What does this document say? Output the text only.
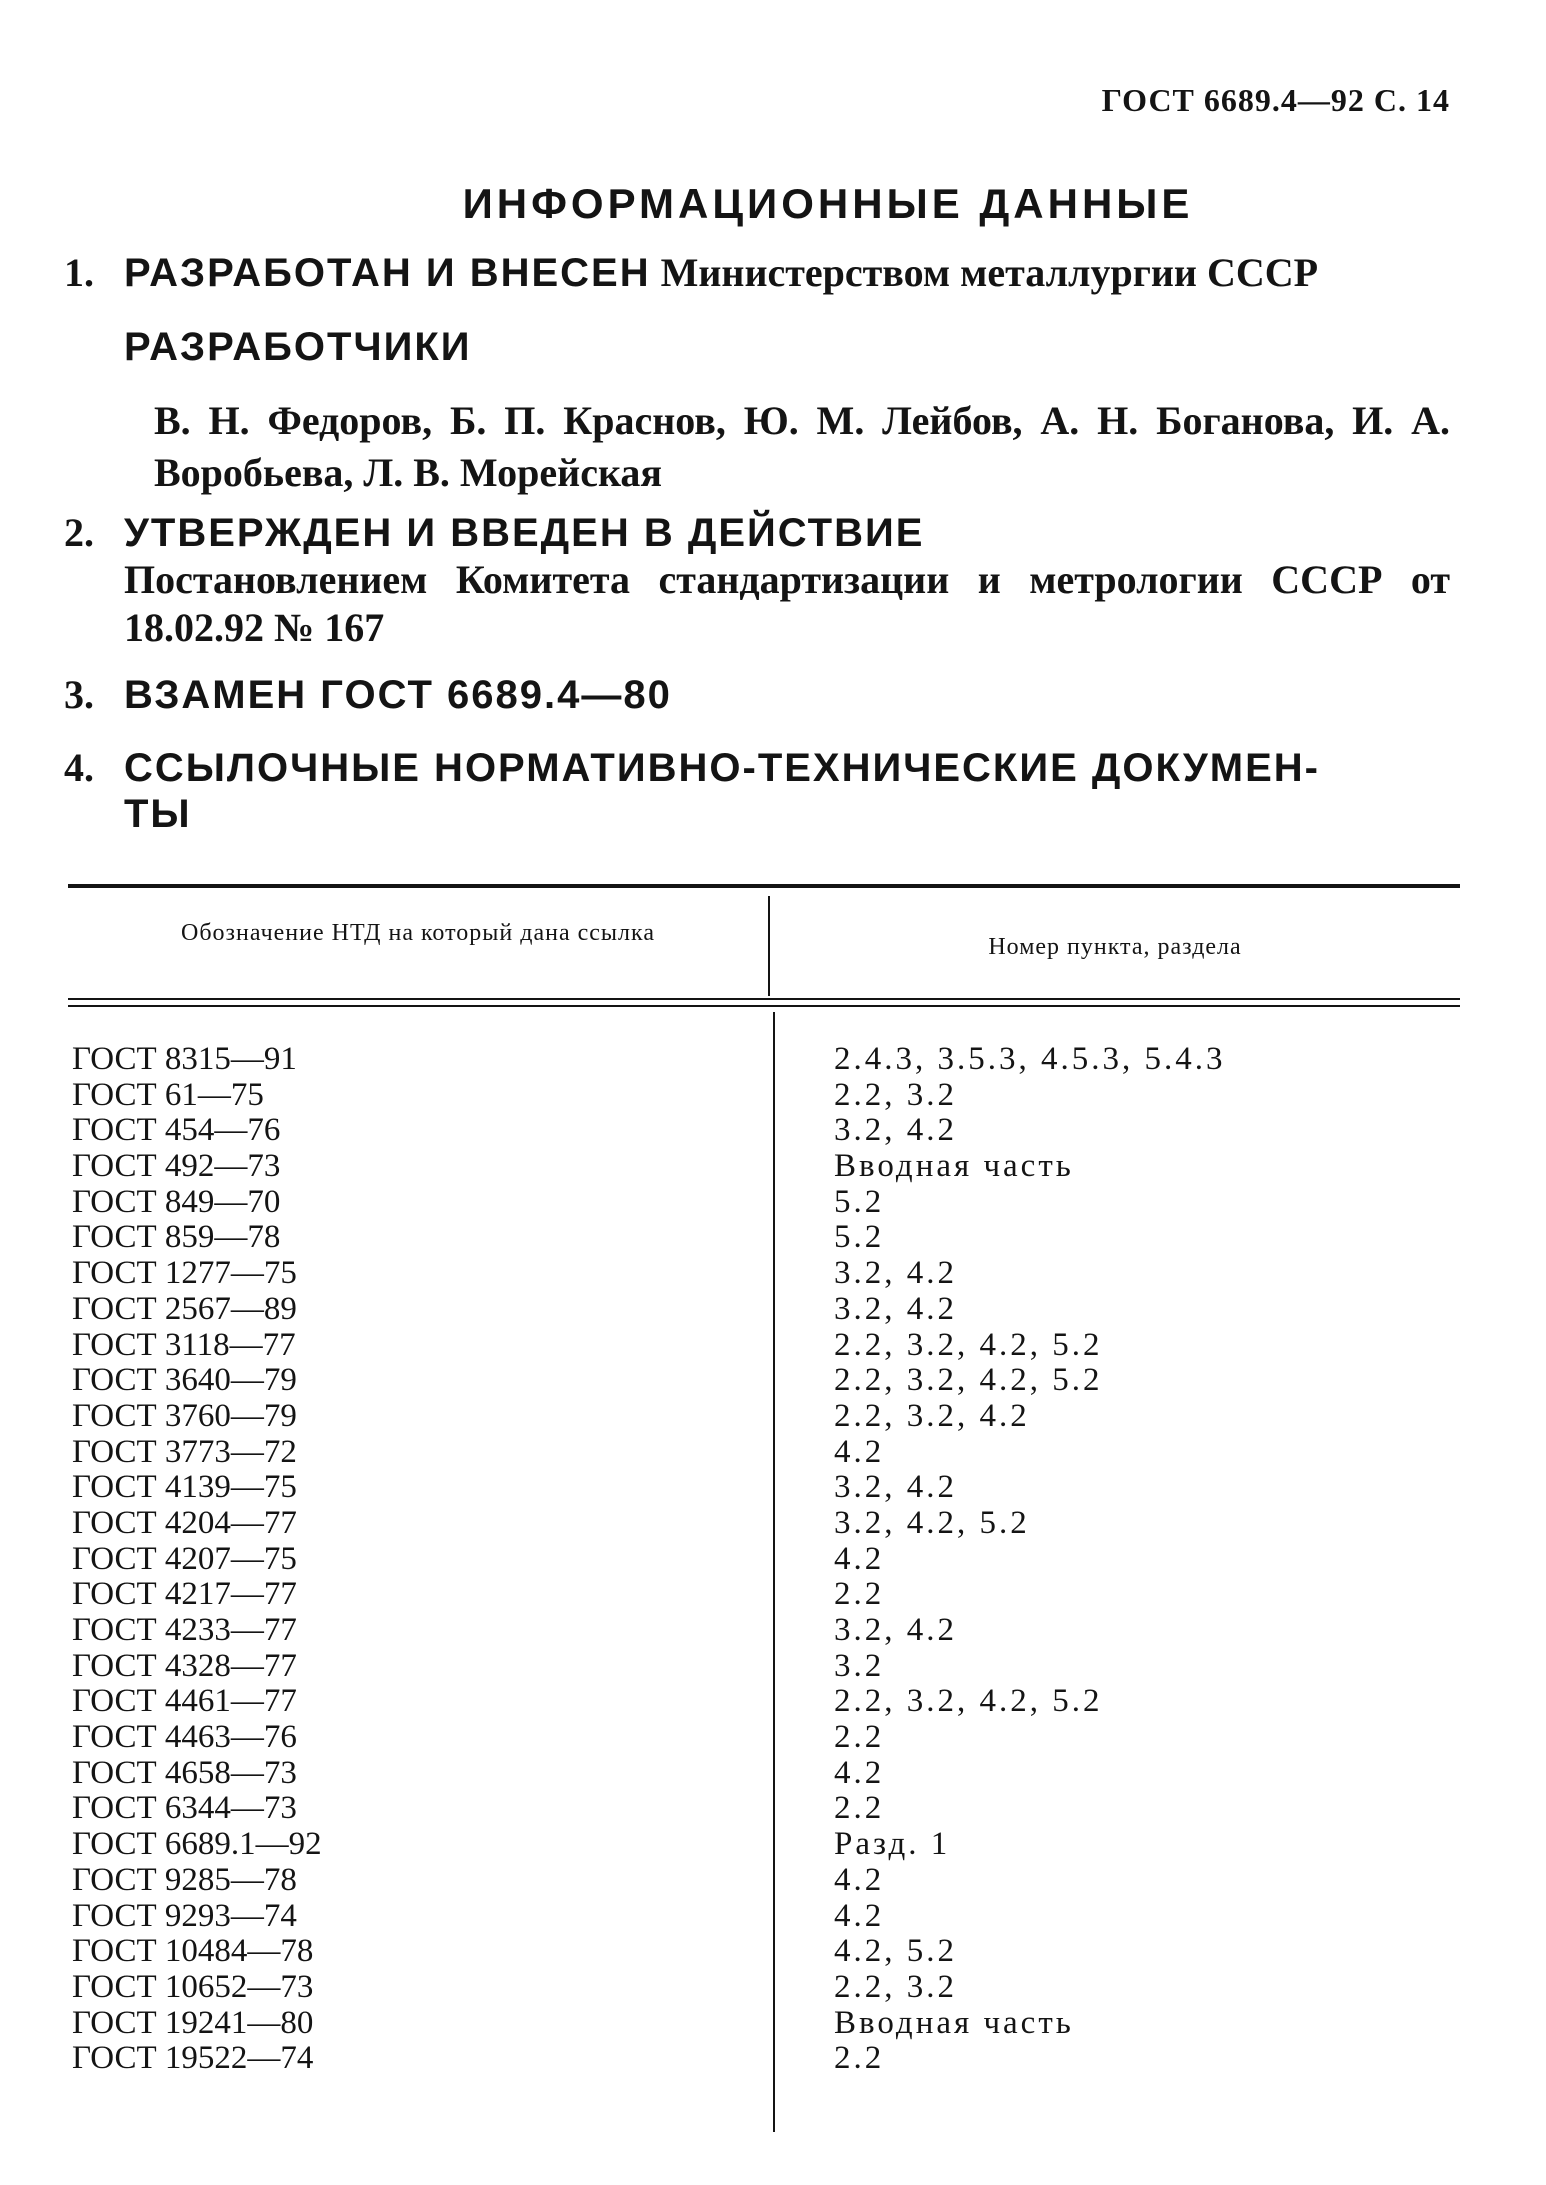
ГОСТ 6689.4—92 С. 14
ИНФОРМАЦИОННЫЕ ДАННЫЕ
1. РАЗРАБОТАН И ВНЕСЕН Министерством металлургии СССР
РАЗРАБОТЧИКИ
В. Н. Федоров, Б. П. Краснов, Ю. М. Лейбов, А. Н. Боганова, И. А. Воробьева, Л. В. Морейская
2. УТВЕРЖДЕН И ВВЕДЕН В ДЕЙСТВИЕ
Постановлением Комитета стандартизации и метрологии СССР от 18.02.92 № 167
3. ВЗАМЕН ГОСТ 6689.4—80
4. ССЫЛОЧНЫЕ НОРМАТИВНО-ТЕХНИЧЕСКИЕ ДОКУМЕН-
ТЫ
Обозначение НТД на который дана ссылка
Номер пункта, раздела
ГОСТ 8315—91	2.4.3, 3.5.3, 4.5.3, 5.4.3
ГОСТ 61—75	2.2, 3.2
ГОСТ 454—76	3.2, 4.2
ГОСТ 492—73	Вводная часть
ГОСТ 849—70	5.2
ГОСТ 859—78	5.2
ГОСТ 1277—75	3.2, 4.2
ГОСТ 2567—89	3.2, 4.2
ГОСТ 3118—77	2.2, 3.2, 4.2, 5.2
ГОСТ 3640—79	2.2, 3.2, 4.2, 5.2
ГОСТ 3760—79	2.2, 3.2, 4.2
ГОСТ 3773—72	4.2
ГОСТ 4139—75	3.2, 4.2
ГОСТ 4204—77	3.2, 4.2, 5.2
ГОСТ 4207—75	4.2
ГОСТ 4217—77	2.2
ГОСТ 4233—77	3.2, 4.2
ГОСТ 4328—77	3.2
ГОСТ 4461—77	2.2, 3.2, 4.2, 5.2
ГОСТ 4463—76	2.2
ГОСТ 4658—73	4.2
ГОСТ 6344—73	2.2
ГОСТ 6689.1—92	Разд. 1
ГОСТ 9285—78	4.2
ГОСТ 9293—74	4.2
ГОСТ 10484—78	4.2, 5.2
ГОСТ 10652—73	2.2, 3.2
ГОСТ 19241—80	Вводная часть
ГОСТ 19522—74	2.2
